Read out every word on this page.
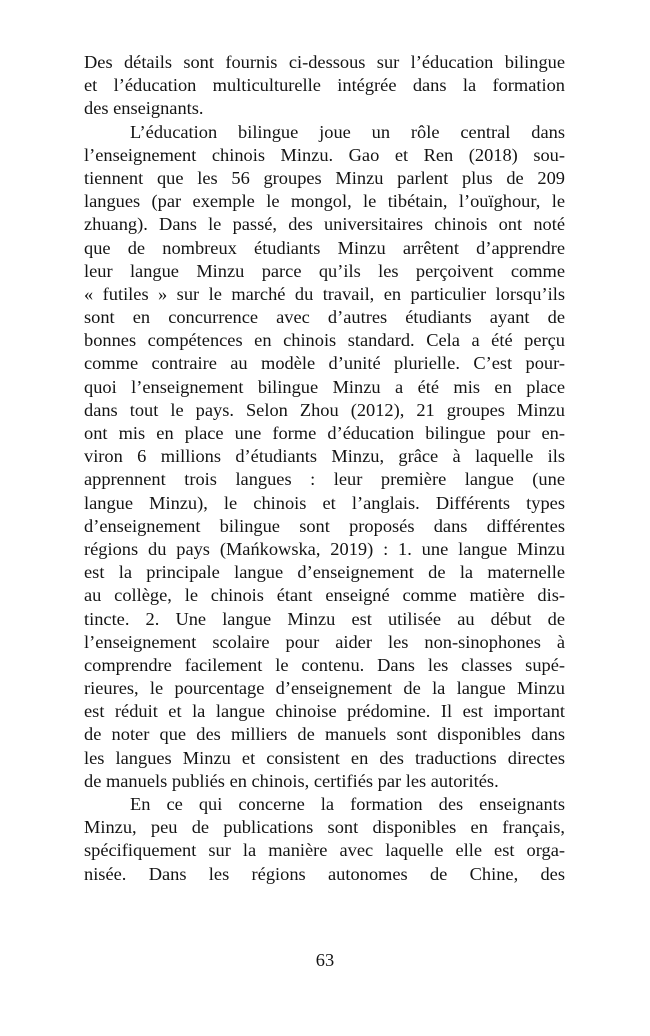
Des détails sont fournis ci-dessous sur l’éducation bilingue
et l’éducation multiculturelle intégrée dans la formation
des enseignants.
L’éducation bilingue joue un rôle central dans
l’enseignement chinois Minzu. Gao et Ren (2018) sou-
tiennent que les 56 groupes Minzu parlent plus de 209
langues (par exemple le mongol, le tibétain, l’ouïghour, le
zhuang). Dans le passé, des universitaires chinois ont noté
que de nombreux étudiants Minzu arrêtent d’apprendre
leur langue Minzu parce qu’ils les perçoivent comme
« futiles » sur le marché du travail, en particulier lorsqu’ils
sont en concurrence avec d’autres étudiants ayant de
bonnes compétences en chinois standard. Cela a été perçu
comme contraire au modèle d’unité plurielle. C’est pour-
quoi l’enseignement bilingue Minzu a été mis en place
dans tout le pays. Selon Zhou (2012), 21 groupes Minzu
ont mis en place une forme d’éducation bilingue pour en-
viron 6 millions d’étudiants Minzu, grâce à laquelle ils
apprennent trois langues : leur première langue (une
langue Minzu), le chinois et l’anglais. Différents types
d’enseignement bilingue sont proposés dans différentes
régions du pays (Mańkowska, 2019) : 1. une langue Minzu
est la principale langue d’enseignement de la maternelle
au collège, le chinois étant enseigné comme matière dis-
tincte. 2. Une langue Minzu est utilisée au début de
l’enseignement scolaire pour aider les non-sinophones à
comprendre facilement le contenu. Dans les classes supé-
rieures, le pourcentage d’enseignement de la langue Minzu
est réduit et la langue chinoise prédomine. Il est important
de noter que des milliers de manuels sont disponibles dans
les langues Minzu et consistent en des traductions directes
de manuels publiés en chinois, certifiés par les autorités.
En ce qui concerne la formation des enseignants
Minzu, peu de publications sont disponibles en français,
spécifiquement sur la manière avec laquelle elle est orga-
nisée. Dans les régions autonomes de Chine, des
63
